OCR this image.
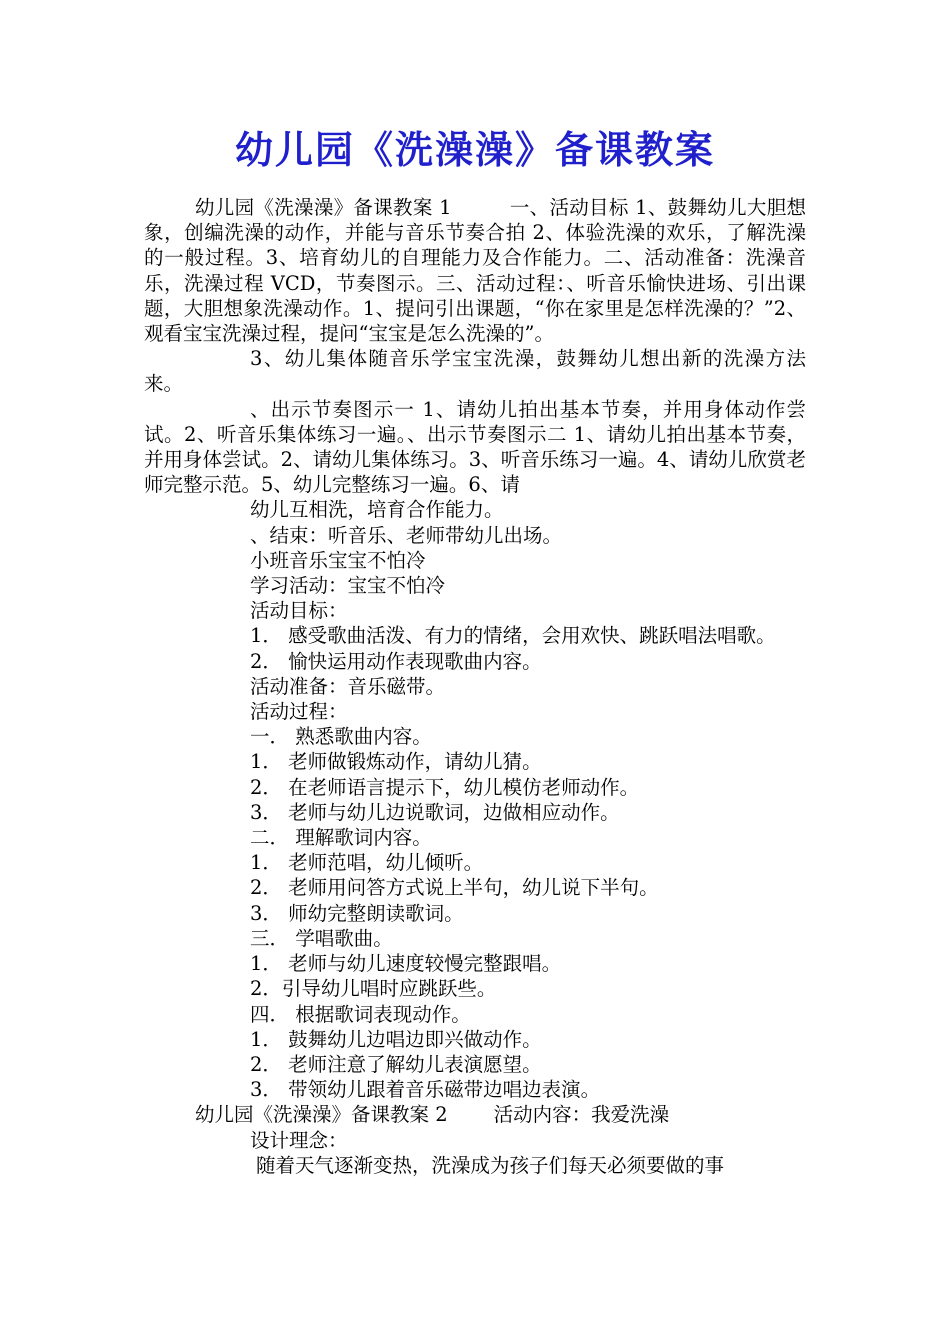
幼儿园《洗澡澡》备课教案

幼儿园《洗澡澡》备课教案 1	一、活动目标 1、鼓舞幼儿大胆想象，创编洗澡的动作，并能与音乐节奏合拍 2、体验洗澡的欢乐，了解洗澡的一般过程。3、培育幼儿的自理能力及合作能力。二、活动准备：洗澡音乐，洗澡过程 VCD，节奏图示。三、活动过程：、听音乐愉快进场、引出课题，大胆想象洗澡动作。1、提问引出课题，“你在家里是怎样洗澡的？”2、观看宝宝洗澡过程，提问“宝宝是怎么洗澡的”。

3、幼儿集体随音乐学宝宝洗澡，鼓舞幼儿想出新的洗澡方法来。

、出示节奏图示一 1、请幼儿拍出基本节奏，并用身体动作尝试。2、听音乐集体练习一遍。、出示节奏图示二 1、请幼儿拍出基本节奏，并用身体尝试。2、请幼儿集体练习。3、听音乐练习一遍。4、请幼儿欣赏老师完整示范。5、幼儿完整练习一遍。6、请

幼儿互相洗，培育合作能力。
、结束：听音乐、老师带幼儿出场。
小班音乐宝宝不怕冷
学习活动：宝宝不怕冷
活动目标：

1． 感受歌曲活泼、有力的情绪，会用欢快、跳跃唱法唱歌。

2． 愉快运用动作表现歌曲内容。
活动准备：音乐磁带。
活动过程：
一． 熟悉歌曲内容。
1． 老师做锻炼动作，请幼儿猜。
2． 在老师语言提示下，幼儿模仿老师动作。
3． 老师与幼儿边说歌词，边做相应动作。
二． 理解歌词内容。
1． 老师范唱，幼儿倾听。
2． 老师用问答方式说上半句，幼儿说下半句。
3． 师幼完整朗读歌词。
三． 学唱歌曲。
1． 老师与幼儿速度较慢完整跟唱。
2．引导幼儿唱时应跳跃些。
四． 根据歌词表现动作。
1． 鼓舞幼儿边唱边即兴做动作。
2． 老师注意了解幼儿表演愿望。
3． 带领幼儿跟着音乐磁带边唱边表演。
幼儿园《洗澡澡》备课教案 2 活动内容：我爱洗澡
设计理念：
随着天气逐渐变热，洗澡成为孩子们每天必须要做的事
